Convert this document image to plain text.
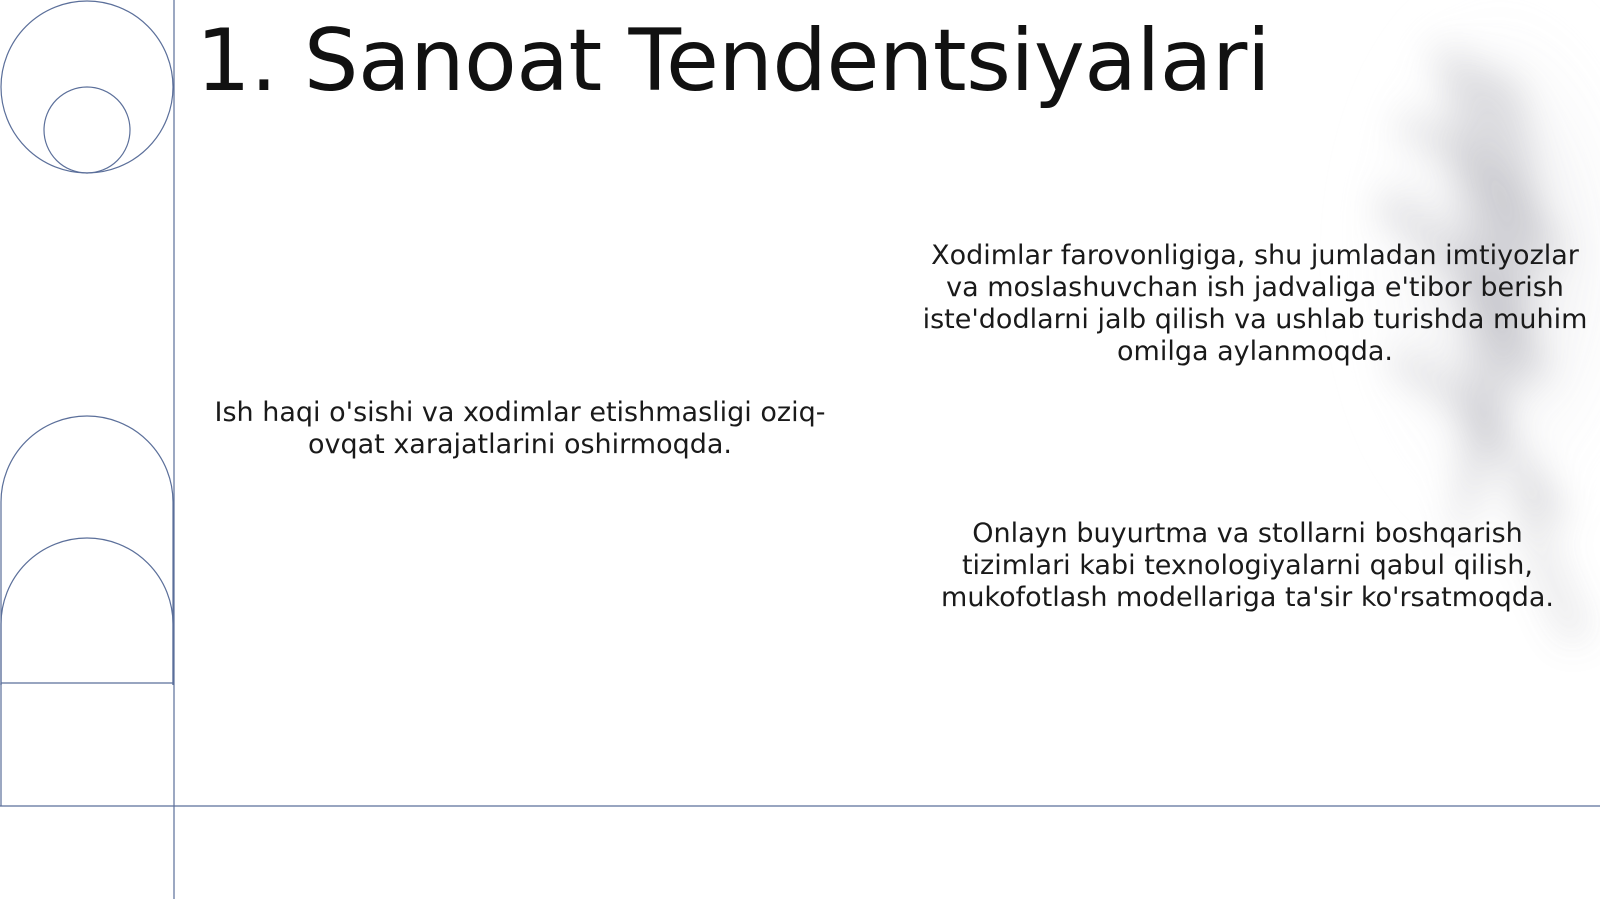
1. Sanoat Tendentsiyalari

Ish haqi o'sishi va xodimlar etishmasligi oziq-ovqat xarajatlarini oshirmoqda.

Xodimlar farovonligiga, shu jumladan imtiyozlar va moslashuvchan ish jadvaliga e'tibor berish iste'dodlarni jalb qilish va ushlab turishda muhim omilga aylanmoqda.

Onlayn buyurtma va stollarni boshqarish tizimlari kabi texnologiyalarni qabul qilish, mukofotlash modellariga ta'sir ko'rsatmoqda.
